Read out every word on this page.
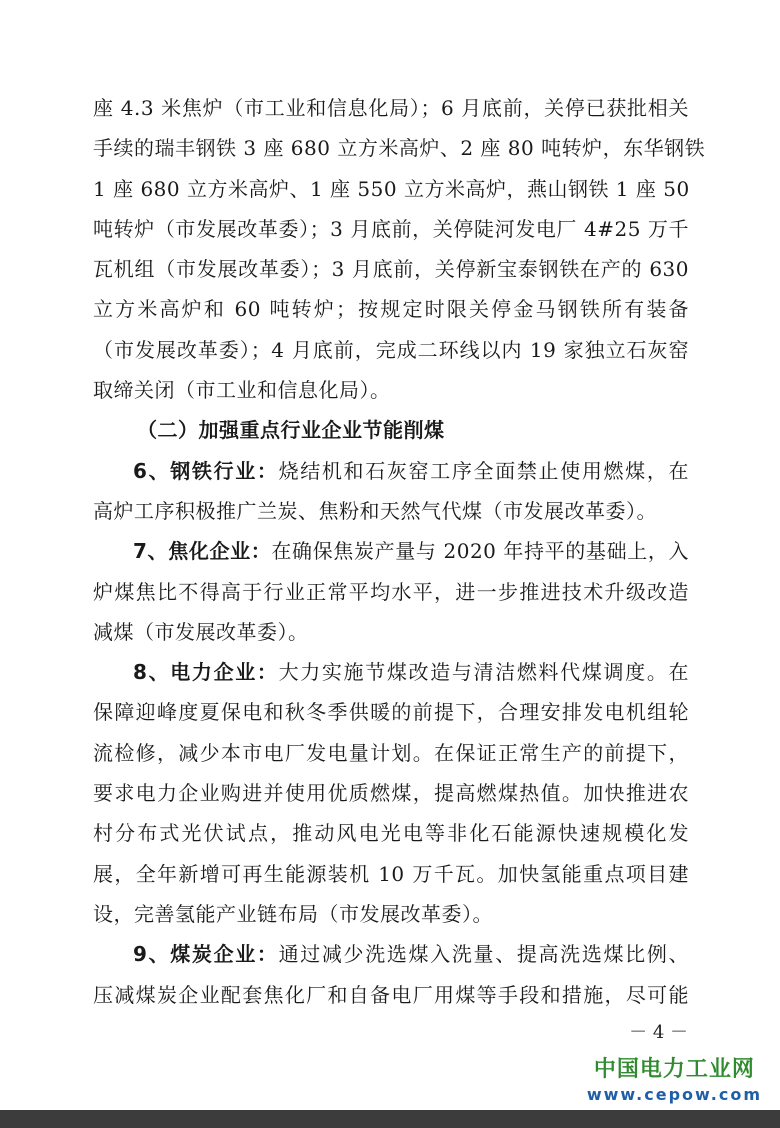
座 4.3 米焦炉（市工业和信息化局）；6 月底前，关停已获批相关
手续的瑞丰钢铁 3 座 680 立方米高炉、2 座 80 吨转炉，东华钢铁
1 座 680 立方米高炉、1 座 550 立方米高炉，燕山钢铁 1 座 50
吨转炉（市发展改革委）；3 月底前，关停陡河发电厂 4#25 万千
瓦机组（市发展改革委）；3 月底前，关停新宝泰钢铁在产的 630
立方米高炉和 60 吨转炉；按规定时限关停金马钢铁所有装备
（市发展改革委）；4 月底前，完成二环线以内 19 家独立石灰窑
取缔关闭（市工业和信息化局）。
（二）加强重点行业企业节能削煤
6、钢铁行业：烧结机和石灰窑工序全面禁止使用燃煤，在
高炉工序积极推广兰炭、焦粉和天然气代煤（市发展改革委）。
7、焦化企业：在确保焦炭产量与 2020 年持平的基础上，入
炉煤焦比不得高于行业正常平均水平，进一步推进技术升级改造
减煤（市发展改革委）。
8、电力企业：大力实施节煤改造与清洁燃料代煤调度。在
保障迎峰度夏保电和秋冬季供暖的前提下，合理安排发电机组轮
流检修，减少本市电厂发电量计划。在保证正常生产的前提下，
要求电力企业购进并使用优质燃煤，提高燃煤热值。加快推进农
村分布式光伏试点，推动风电光电等非化石能源快速规模化发
展，全年新增可再生能源装机 10 万千瓦。加快氢能重点项目建
设，完善氢能产业链布局（市发展改革委）。
9、煤炭企业：通过减少洗选煤入洗量、提高洗选煤比例、
压减煤炭企业配套焦化厂和自备电厂用煤等手段和措施，尽可能
－ 4 －
中国电力工业网
www.cepow.com
